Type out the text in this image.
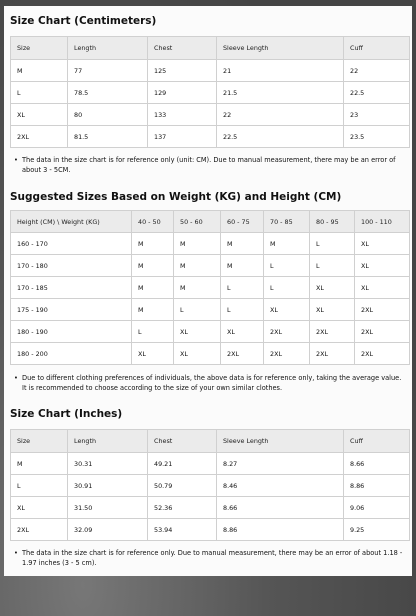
Size Chart (Centimeters)
Size	Length	Chest	Sleeve Length	Cuff
M	77	125	21	22
L	78.5	129	21.5	22.5
XL	80	133	22	23
2XL	81.5	137	22.5	23.5
• The data in the size chart is for reference only (unit: CM). Due to manual measurement, there may be an error of about 3 - 5CM.
Suggested Sizes Based on Weight (KG) and Height (CM)
Height (CM) \ Weight (KG)	40 - 50	50 - 60	60 - 75	70 - 85	80 - 95	100 - 110
160 - 170	M	M	M	M	L	XL
170 - 180	M	M	M	L	L	XL
170 - 185	M	M	L	L	XL	XL
175 - 190	M	L	L	XL	XL	2XL
180 - 190	L	XL	XL	2XL	2XL	2XL
180 - 200	XL	XL	2XL	2XL	2XL	2XL
• Due to different clothing preferences of individuals, the above data is for reference only, taking the average value. It is recommended to choose according to the size of your own similar clothes.
Size Chart (Inches)
Size	Length	Chest	Sleeve Length	Cuff
M	30.31	49.21	8.27	8.66
L	30.91	50.79	8.46	8.86
XL	31.50	52.36	8.66	9.06
2XL	32.09	53.94	8.86	9.25
• The data in the size chart is for reference only. Due to manual measurement, there may be an error of about 1.18 - 1.97 inches (3 - 5 cm).
